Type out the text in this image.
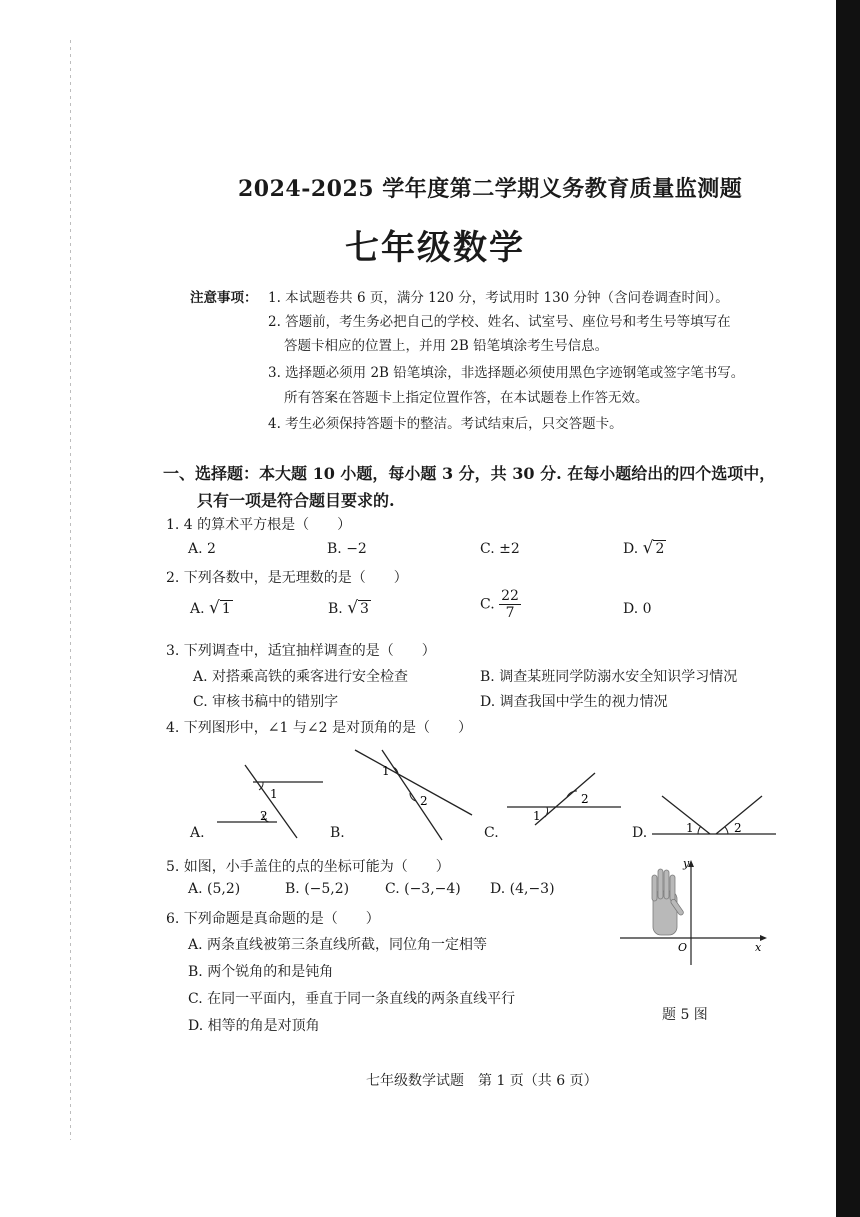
2024-2025 学年度第二学期义务教育质量监测题
七年级数学
注意事项： 1. 本试题卷共 6 页，满分 120 分，考试用时 130 分钟（含问卷调查时间）。
2. 答题前，考生务必把自己的学校、姓名、试室号、座位号和考生号等填写在
答题卡相应的位置上，并用 2B 铅笔填涂考生号信息。
3. 选择题必须用 2B 铅笔填涂，非选择题必须使用黑色字迹钢笔或签字笔书写。
所有答案在答题卡上指定位置作答，在本试题卷上作答无效。
4. 考生必须保持答题卡的整洁。考试结束后，只交答题卡。
一、选择题：本大题 10 小题，每小题 3 分，共 30 分. 在每小题给出的四个选项中，
只有一项是符合题目要求的.
1. 4 的算术平方根是（　　）
A. 2	B. −2	C. ±2	D. √ 2
2. 下列各数中，是无理数的是（　　）
A. √ 1	B. √ 3	C. $\frac{22}{7}$	D. 0
3. 下列调查中，适宜抽样调查的是（　　）
A. 对搭乘高铁的乘客进行安全检查	B. 调查某班同学防溺水安全知识学习情况
C. 审核书稿中的错别字	D. 调查我国中学生的视力情况
4. 下列图形中，∠1 与∠2 是对顶角的是（　　）
A.	B.	C.	D.
1
2
1
2
1
2
1	2
5. 如图，小手盖住的点的坐标可能为（　　）
A. (5,2)	B. (−5,2)	C. (−3,−4) D. (4,−3)
y
x
O
题 5 图
6. 下列命题是真命题的是（　　）
A. 两条直线被第三条直线所截，同位角一定相等
B. 两个锐角的和是钝角
C. 在同一平面内，垂直于同一条直线的两条直线平行
D. 相等的角是对顶角
七年级数学试题　第 1 页（共 6 页）
